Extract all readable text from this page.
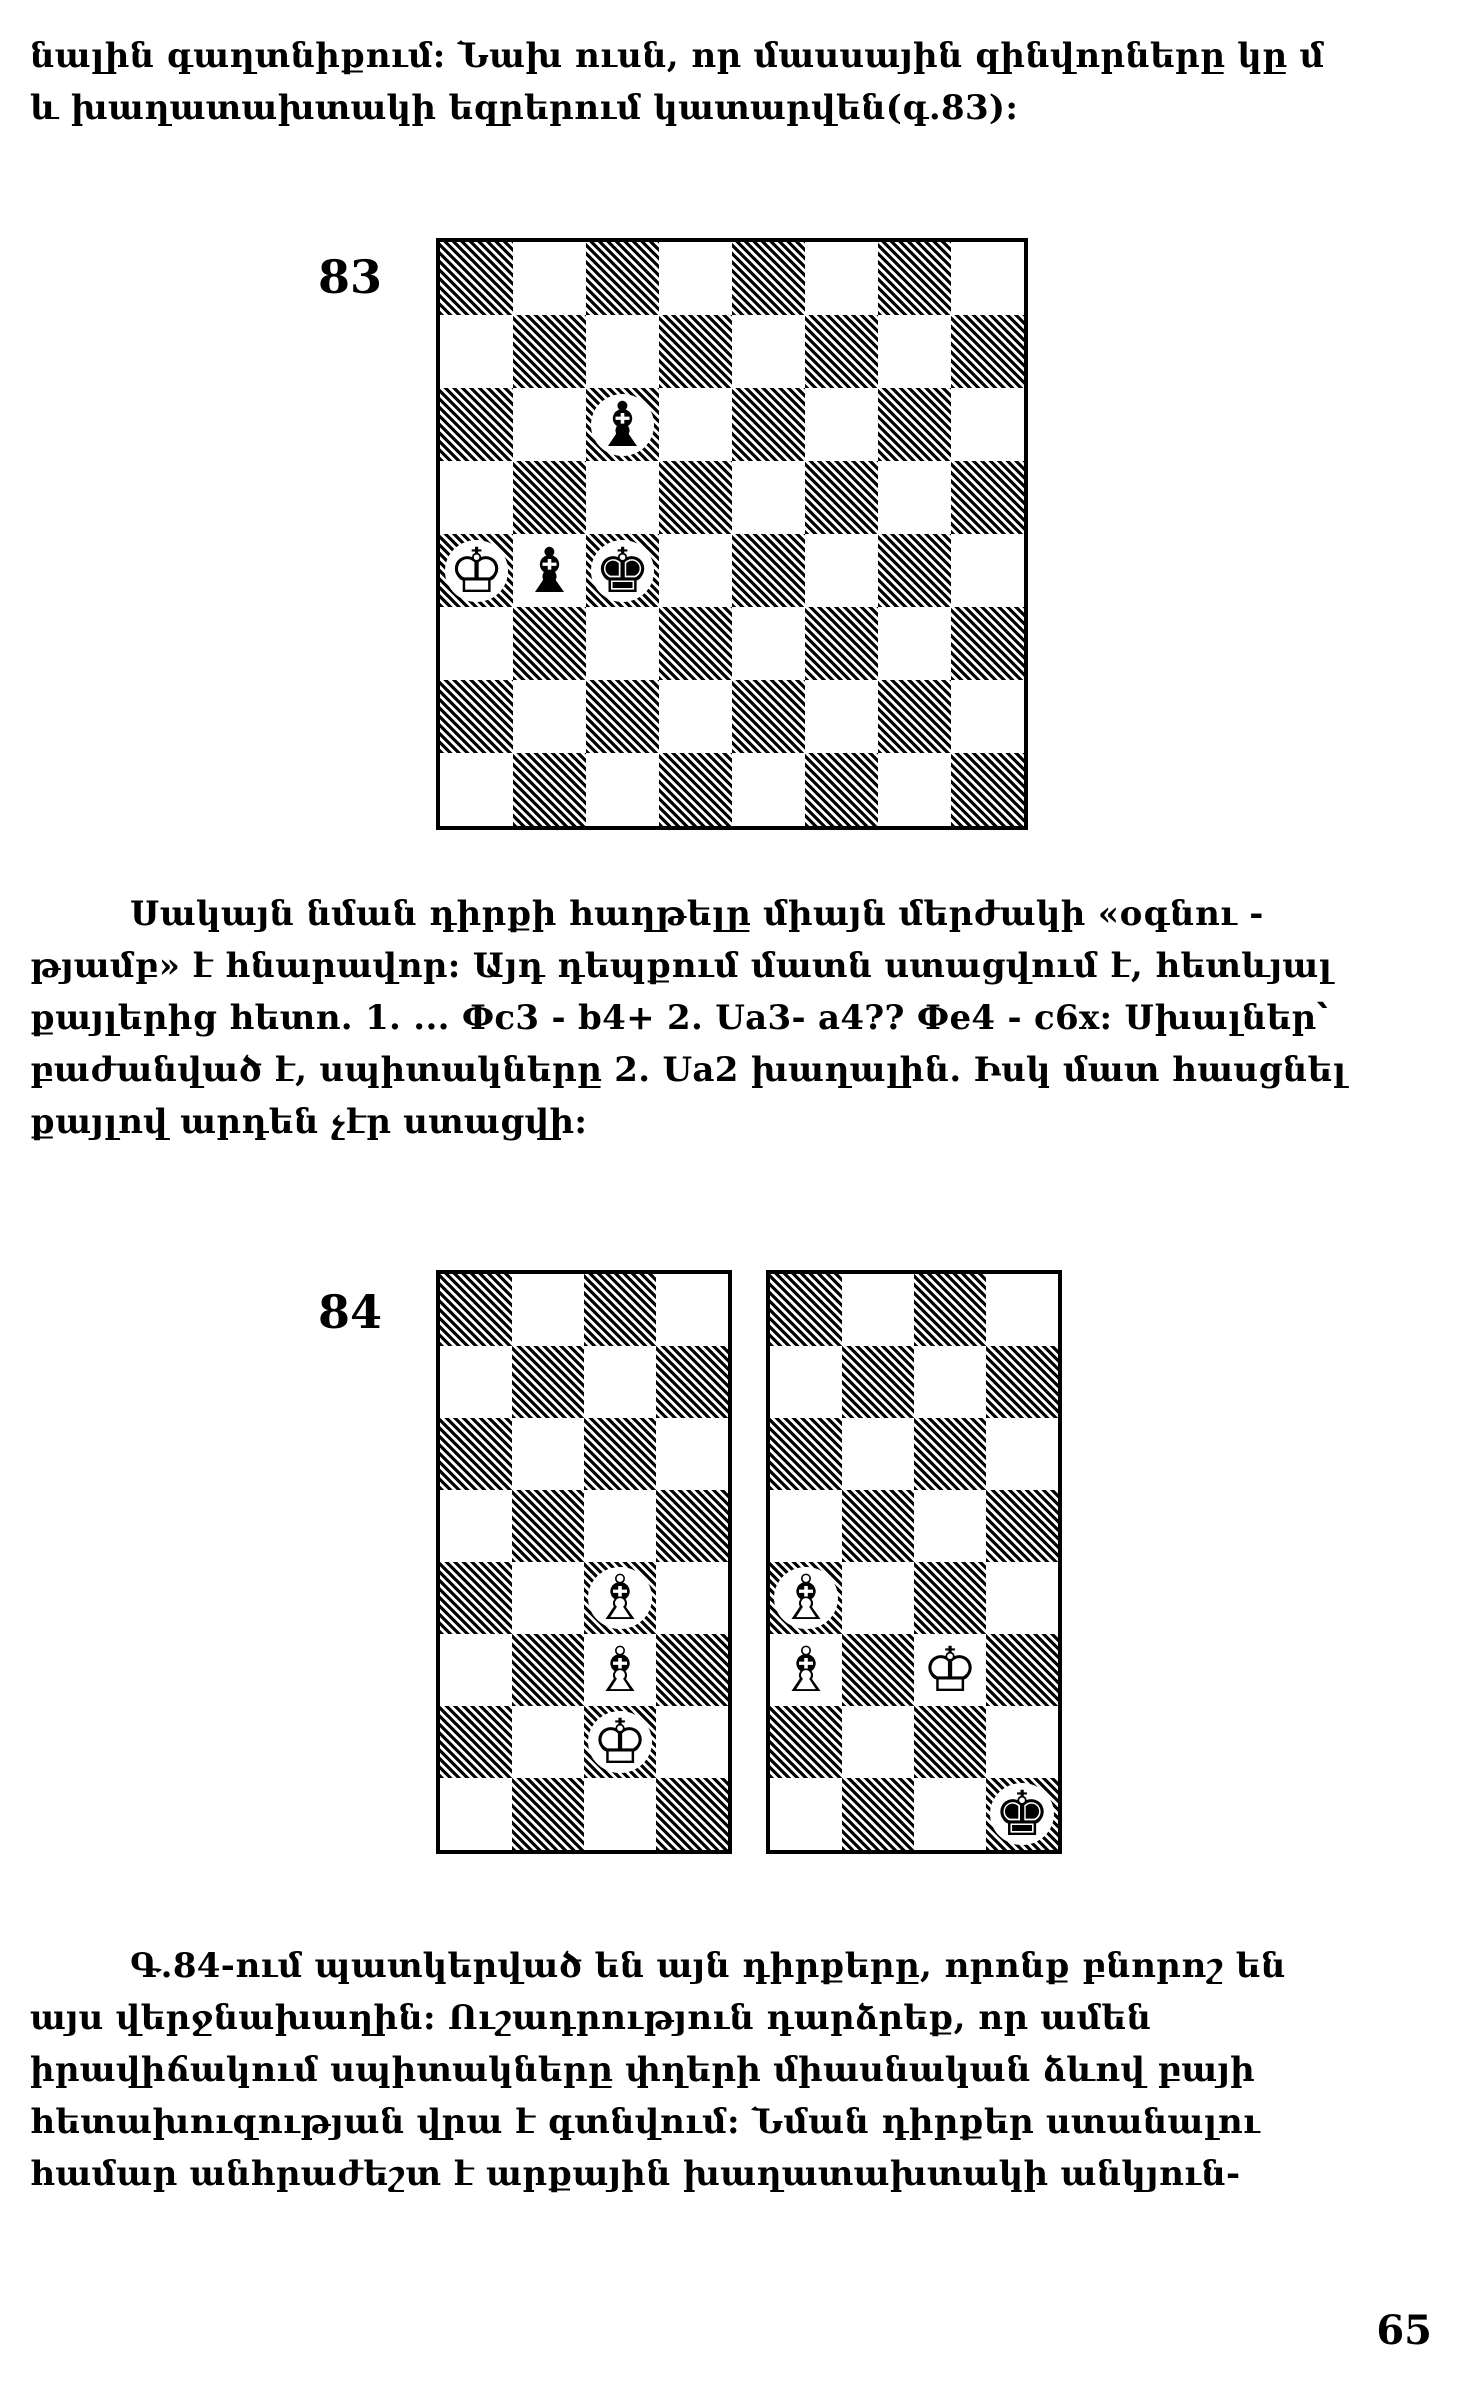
նալին գաղտնիքում: Նախ ուսն, որ մասսային զինվորները կը մ
և խաղատախտակի եզրերում կատարվեն(գ.83):
83
♝
♔ ♝ ♚
Սակայն նման դիրքի հաղթելը միայն մերժակի «օգնու -
թյամբ» է հնարավոր: Այդ դեպքում մատն ստացվում է, հետևյալ
քայլերից հետո. 1. ... Фс3 - b4+ 2. Ua3- a4?? Фе4 - с6x: Սխալներ՝
բաժանված է, սպիտակները 2. Ua2 խաղալին. Իսկ մատ հասցնել
քայլով արդեն չէր ստացվի:
84
♗
♗
♔
♗
♗ ♔
♚
Գ.84-ում պատկերված են այն դիրքերը, որոնք բնորոշ են
այս վերջնախաղին: Ուշադրություն դարձրեք, որ ամեն
իրավիճակում սպիտակները փղերի միասնական ձևով բայի
հետախուզության վրա է գտնվում: Նման դիրքեր ստանալու
համար անհրաժեշտ է արքային խաղատախտակի անկյուն-
65
